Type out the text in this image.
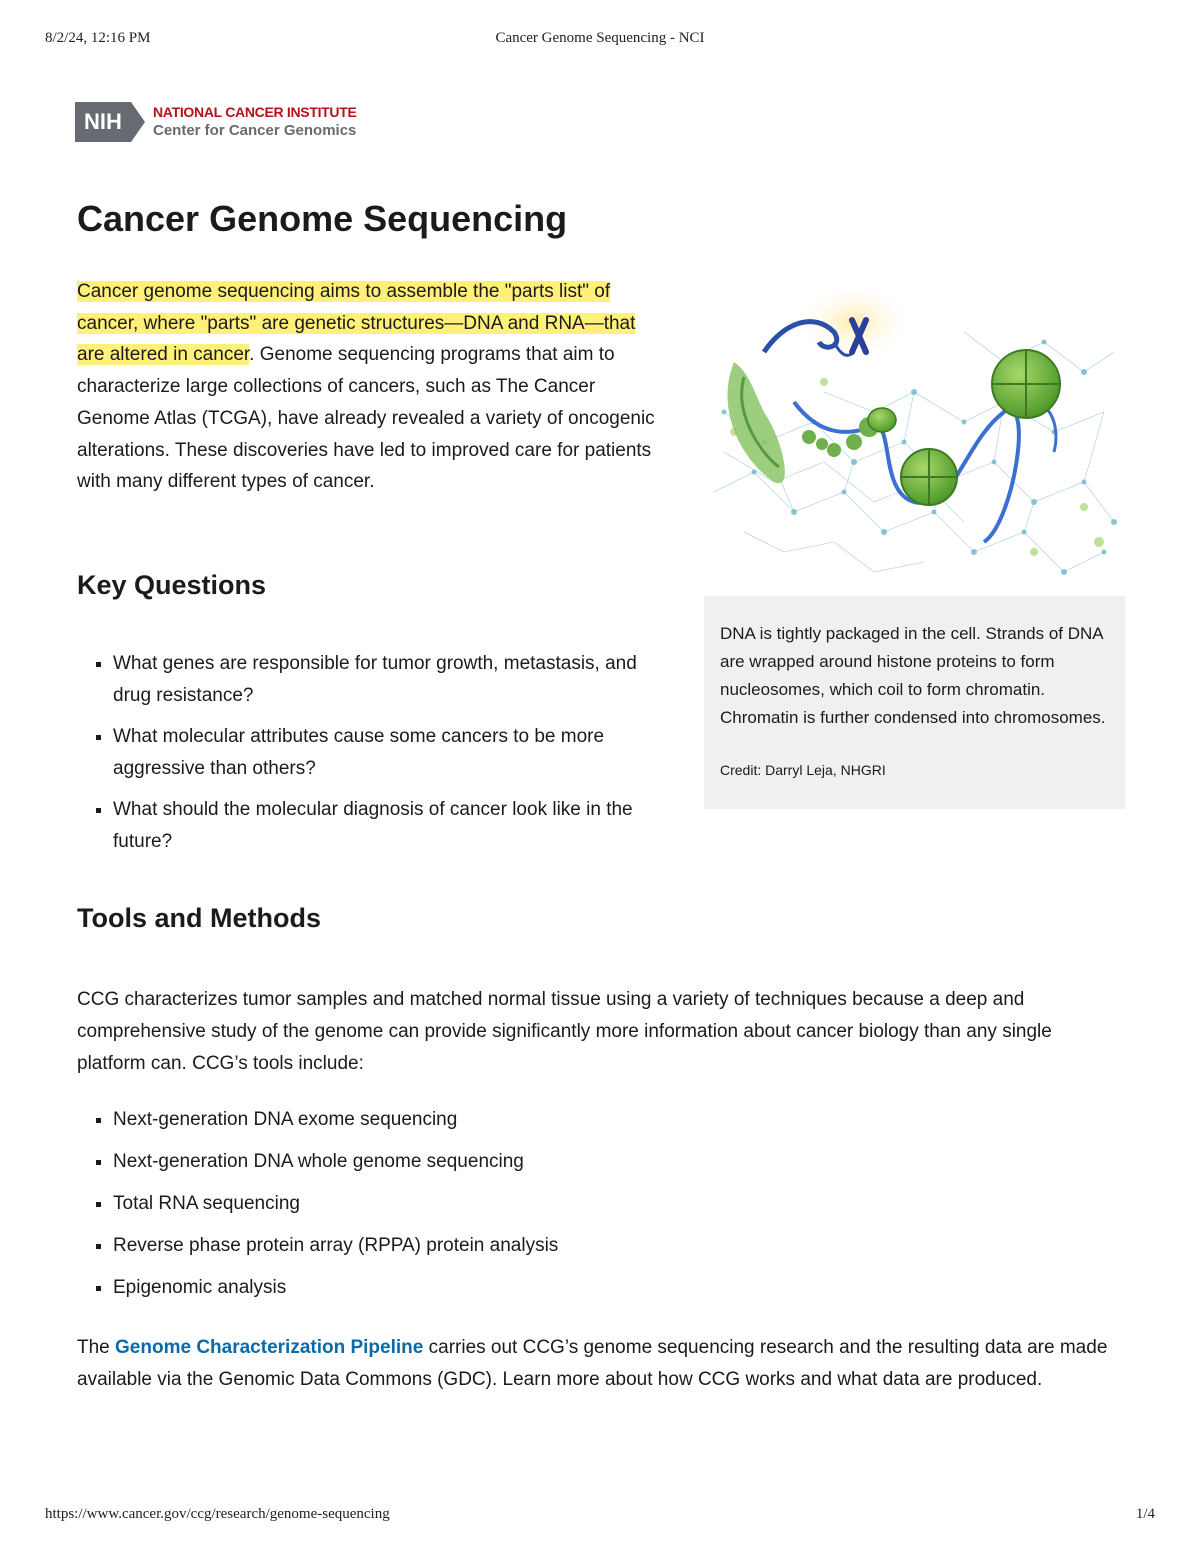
8/2/24, 12:16 PM	Cancer Genome Sequencing - NCI
NIH	NATIONAL CANCER INSTITUTE
Center for Cancer Genomics
Cancer Genome Sequencing

Cancer genome sequencing aims to assemble the "parts list" of cancer, where "parts" are genetic structures—DNA and RNA—that are altered in cancer. Genome sequencing programs that aim to characterize large collections of cancers, such as The Cancer Genome Atlas (TCGA), have already revealed a variety of oncogenic alterations. These discoveries have led to improved care for patients with many different types of cancer.

DNA is tightly packaged in the cell. Strands of DNA are wrapped around histone proteins to form nucleosomes, which coil to form chromatin. Chromatin is further condensed into chromosomes.

Credit: Darryl Leja, NHGRI

Key Questions
What genes are responsible for tumor growth, metastasis, and drug resistance?
What molecular attributes cause some cancers to be more aggressive than others?
What should the molecular diagnosis of cancer look like in the future?
Tools and Methods

CCG characterizes tumor samples and matched normal tissue using a variety of techniques because a deep and comprehensive study of the genome can provide significantly more information about cancer biology than any single platform can. CCG’s tools include:

Next-generation DNA exome sequencing
Next-generation DNA whole genome sequencing
Total RNA sequencing
Reverse phase protein array (RPPA) protein analysis
Epigenomic analysis

The Genome Characterization Pipeline carries out CCG’s genome sequencing research and the resulting data are made available via the Genomic Data Commons (GDC). Learn more about how CCG works and what data are produced.

https://www.cancer.gov/ccg/research/genome-sequencing	1/4
